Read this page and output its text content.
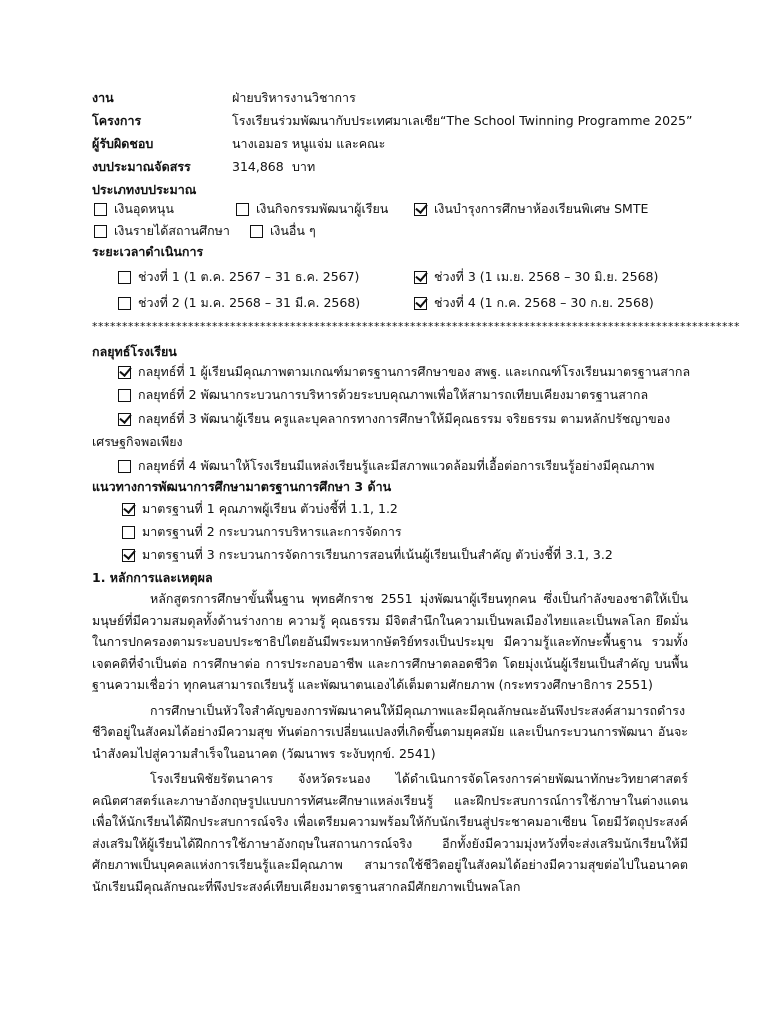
งาน	ฝ่ายบริหารงานวิชาการ
โครงการ	โรงเรียนร่วมพัฒนากับประเทศมาเลเซีย“The School Twinning Programme 2025”
ผู้รับผิดชอบ	นางเอมอร หนูแจ่ม และคณะ
งบประมาณจัดสรร	314,868 บาท
ประเภทงบประมาณ
เงินอุดหนุน	เงินกิจกรรมพัฒนาผู้เรียน	เงินบำรุงการศึกษาห้องเรียนพิเศษ SMTE
เงินรายได้สถานศึกษา	เงินอื่น ๆ
ระยะเวลาดำเนินการ
ช่วงที่ 1 (1 ต.ค. 2567 – 31 ธ.ค. 2567)	ช่วงที่ 3 (1 เม.ย. 2568 – 30 มิ.ย. 2568)
ช่วงที่ 2 (1 ม.ค. 2568 – 31 มี.ค. 2568)	ช่วงที่ 4 (1 ก.ค. 2568 – 30 ก.ย. 2568)
************************************************************************************************************
กลยุทธ์โรงเรียน
กลยุทธ์ที่ 1 ผู้เรียนมีคุณภาพตามเกณฑ์มาตรฐานการศึกษาของ สพฐ. และเกณฑ์โรงเรียนมาตรฐานสากล
กลยุทธ์ที่ 2 พัฒนากระบวนการบริหารด้วยระบบคุณภาพเพื่อให้สามารถเทียบเคียงมาตรฐานสากล
กลยุทธ์ที่ 3 พัฒนาผู้เรียน ครูและบุคลากรทางการศึกษาให้มีคุณธรรม จริยธรรม ตามหลักปรัชญาของ
เศรษฐกิจพอเพียง
กลยุทธ์ที่ 4 พัฒนาให้โรงเรียนมีแหล่งเรียนรู้และมีสภาพแวดล้อมที่เอื้อต่อการเรียนรู้อย่างมีคุณภาพ
แนวทางการพัฒนาการศึกษามาตรฐานการศึกษา 3 ด้าน
มาตรฐานที่ 1 คุณภาพผู้เรียน ตัวบ่งชี้ที่ 1.1, 1.2
มาตรฐานที่ 2 กระบวนการบริหารและการจัดการ
มาตรฐานที่ 3 กระบวนการจัดการเรียนการสอนที่เน้นผู้เรียนเป็นสำคัญ ตัวบ่งชี้ที่ 3.1, 3.2
1. หลักการและเหตุผล

หลักสูตรการศึกษาขั้นพื้นฐาน พุทธศักราช 2551 มุ่งพัฒนาผู้เรียนทุกคน ซึ่งเป็นกำลังของชาติให้เป็นมนุษย์ที่มีความสมดุลทั้งด้านร่างกาย ความรู้ คุณธรรม มีจิตสำนึกในความเป็นพลเมืองไทยและเป็นพลโลก ยึดมั่นในการปกครองตามระบอบประชาธิปไตยอันมีพระมหากษัตริย์ทรงเป็นประมุข มีความรู้และทักษะพื้นฐาน รวมทั้ง เจตคติที่จำเป็นต่อ การศึกษาต่อ การประกอบอาชีพ และการศึกษาตลอดชีวิต โดยมุ่งเน้นผู้เรียนเป็นสำคัญ บนพื้นฐานความเชื่อว่า ทุกคนสามารถเรียนรู้ และพัฒนาตนเองได้เต็มตามศักยภาพ (กระทรวงศึกษาธิการ 2551)

การศึกษาเป็นหัวใจสำคัญของการพัฒนาคนให้มีคุณภาพและมีคุณลักษณะอันพึงประสงค์สามารถดำรงชีวิตอยู่ในสังคมได้อย่างมีความสุข ทันต่อการเปลี่ยนแปลงที่เกิดขึ้นตามยุคสมัย และเป็นกระบวนการพัฒนา อันจะนำสังคมไปสู่ความสำเร็จในอนาคต (วัฒนาพร ระงับทุกข์. 2541)

โรงเรียนพิชัยรัตนาคาร จังหวัดระนอง ได้ดำเนินการจัดโครงการค่ายพัฒนาทักษะวิทยาศาสตร์ คณิตศาสตร์และภาษาอังกฤษรูปแบบการทัศนะศึกษาแหล่งเรียนรู้ และฝึกประสบการณ์การใช้ภาษาในต่างแดน เพื่อให้นักเรียนได้ฝึกประสบการณ์จริง เพื่อเตรียมความพร้อมให้กับนักเรียนสู่ประชาคมอาเซียน โดยมีวัตถุประสงค์ ส่งเสริมให้ผู้เรียนได้ฝึกการใช้ภาษาอังกฤษในสถานการณ์จริง อีกทั้งยังมีความมุ่งหวังที่จะส่งเสริมนักเรียนให้มีศักยภาพเป็นบุคคลแห่งการเรียนรู้และมีคุณภาพ สามารถใช้ชีวิตอยู่ในสังคมได้อย่างมีความสุขต่อไปในอนาคต นักเรียนมีคุณลักษณะที่พึงประสงค์เทียบเคียงมาตรฐานสากลมีศักยภาพเป็นพลโลก
